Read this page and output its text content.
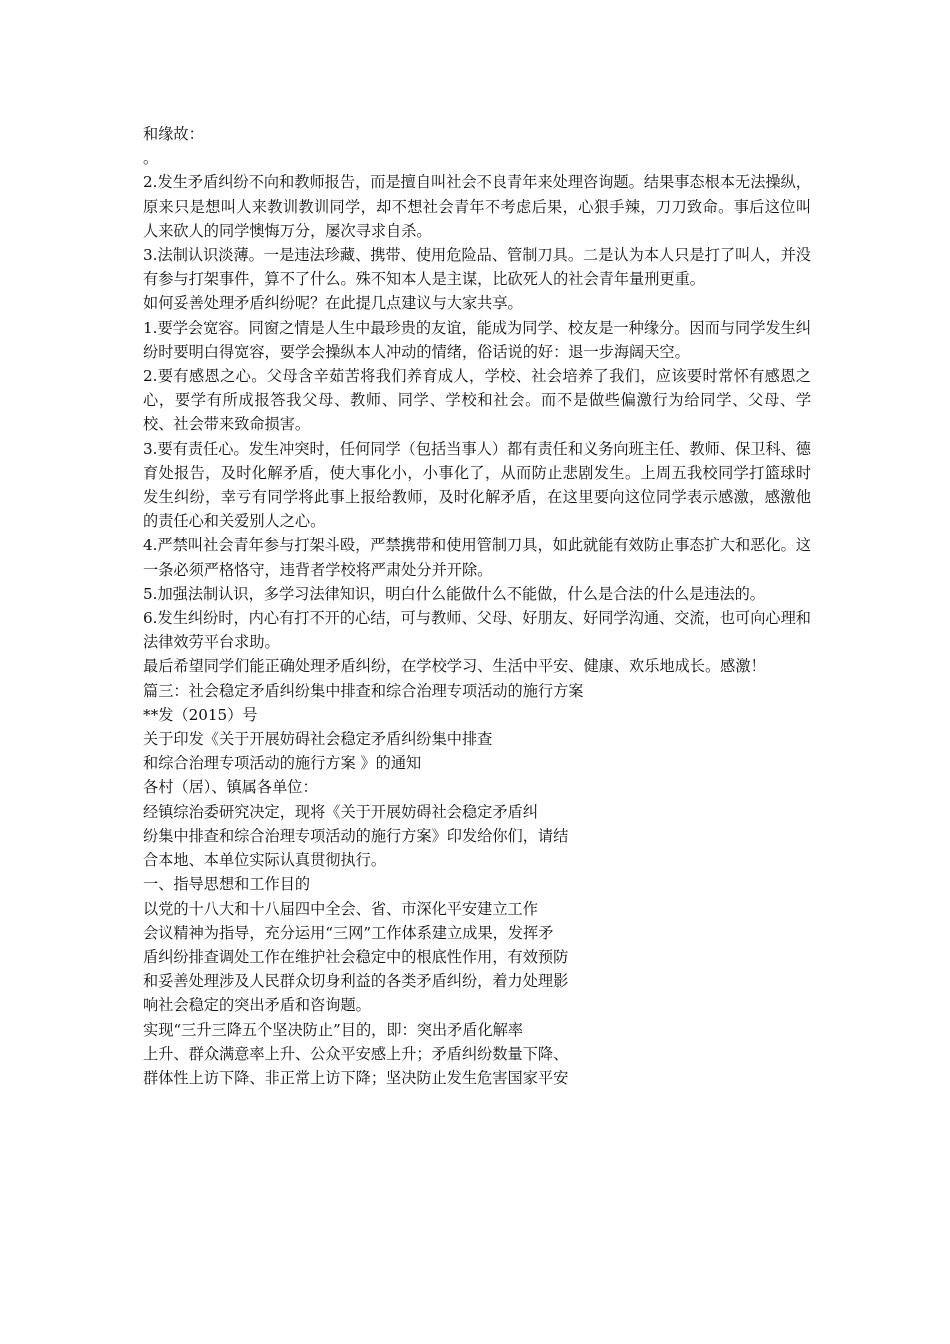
和缘故：

。

2.发生矛盾纠纷不向和教师报告，而是擅自叫社会不良青年来处理咨询题。结果事态根本无法操纵，原来只是想叫人来教训教训同学，却不想社会青年不考虑后果，心狠手辣，刀刀致命。事后这位叫人来砍人的同学懊悔万分，屡次寻求自杀。

3.法制认识淡薄。一是违法珍藏、携带、使用危险品、管制刀具。二是认为本人只是打了叫人，并没有参与打架事件，算不了什么。殊不知本人是主谋，比砍死人的社会青年量刑更重。

如何妥善处理矛盾纠纷呢？在此提几点建议与大家共享。

1.要学会宽容。同窗之情是人生中最珍贵的友谊，能成为同学、校友是一种缘分。因而与同学发生纠纷时要明白得宽容，要学会操纵本人冲动的情绪，俗话说的好：退一步海阔天空。

2.要有感恩之心。父母含辛茹苦将我们养育成人，学校、社会培养了我们，应该要时常怀有感恩之心，要学有所成报答我父母、教师、同学、学校和社会。而不是做些偏激行为给同学、父母、学校、社会带来致命损害。

3.要有责任心。发生冲突时，任何同学（包括当事人）都有责任和义务向班主任、教师、保卫科、德育处报告，及时化解矛盾，使大事化小，小事化了，从而防止悲剧发生。上周五我校同学打篮球时发生纠纷，幸亏有同学将此事上报给教师，及时化解矛盾，在这里要向这位同学表示感激，感激他的责任心和关爱别人之心。

4.严禁叫社会青年参与打架斗殴，严禁携带和使用管制刀具，如此就能有效防止事态扩大和恶化。这一条必须严格恪守，违背者学校将严肃处分并开除。

5.加强法制认识，多学习法律知识，明白什么能做什么不能做，什么是合法的什么是违法的。

6.发生纠纷时，内心有打不开的心结，可与教师、父母、好朋友、好同学沟通、交流，也可向心理和法律效劳平台求助。

最后希望同学们能正确处理矛盾纠纷，在学校学习、生活中平安、健康、欢乐地成长。感激！

篇三：社会稳定矛盾纠纷集中排查和综合治理专项活动的施行方案

**发（2015）号

关于印发《关于开展妨碍社会稳定矛盾纠纷集中排查

和综合治理专项活动的施行方案 》的通知

各村（居）、镇属各单位：

经镇综治委研究决定，现将《关于开展妨碍社会稳定矛盾纠

纷集中排查和综合治理专项活动的施行方案》印发给你们，请结

合本地、本单位实际认真贯彻执行。

一、指导思想和工作目的

以党的十八大和十八届四中全会、省、市深化平安建立工作

会议精神为指导，充分运用“三网”工作体系建立成果，发挥矛

盾纠纷排查调处工作在维护社会稳定中的根底性作用，有效预防

和妥善处理涉及人民群众切身利益的各类矛盾纠纷，着力处理影

响社会稳定的突出矛盾和咨询题。

实现“三升三降五个坚决防止”目的，即：突出矛盾化解率

上升、群众满意率上升、公众平安感上升；矛盾纠纷数量下降、

群体性上访下降、非正常上访下降；坚决防止发生危害国家平安
